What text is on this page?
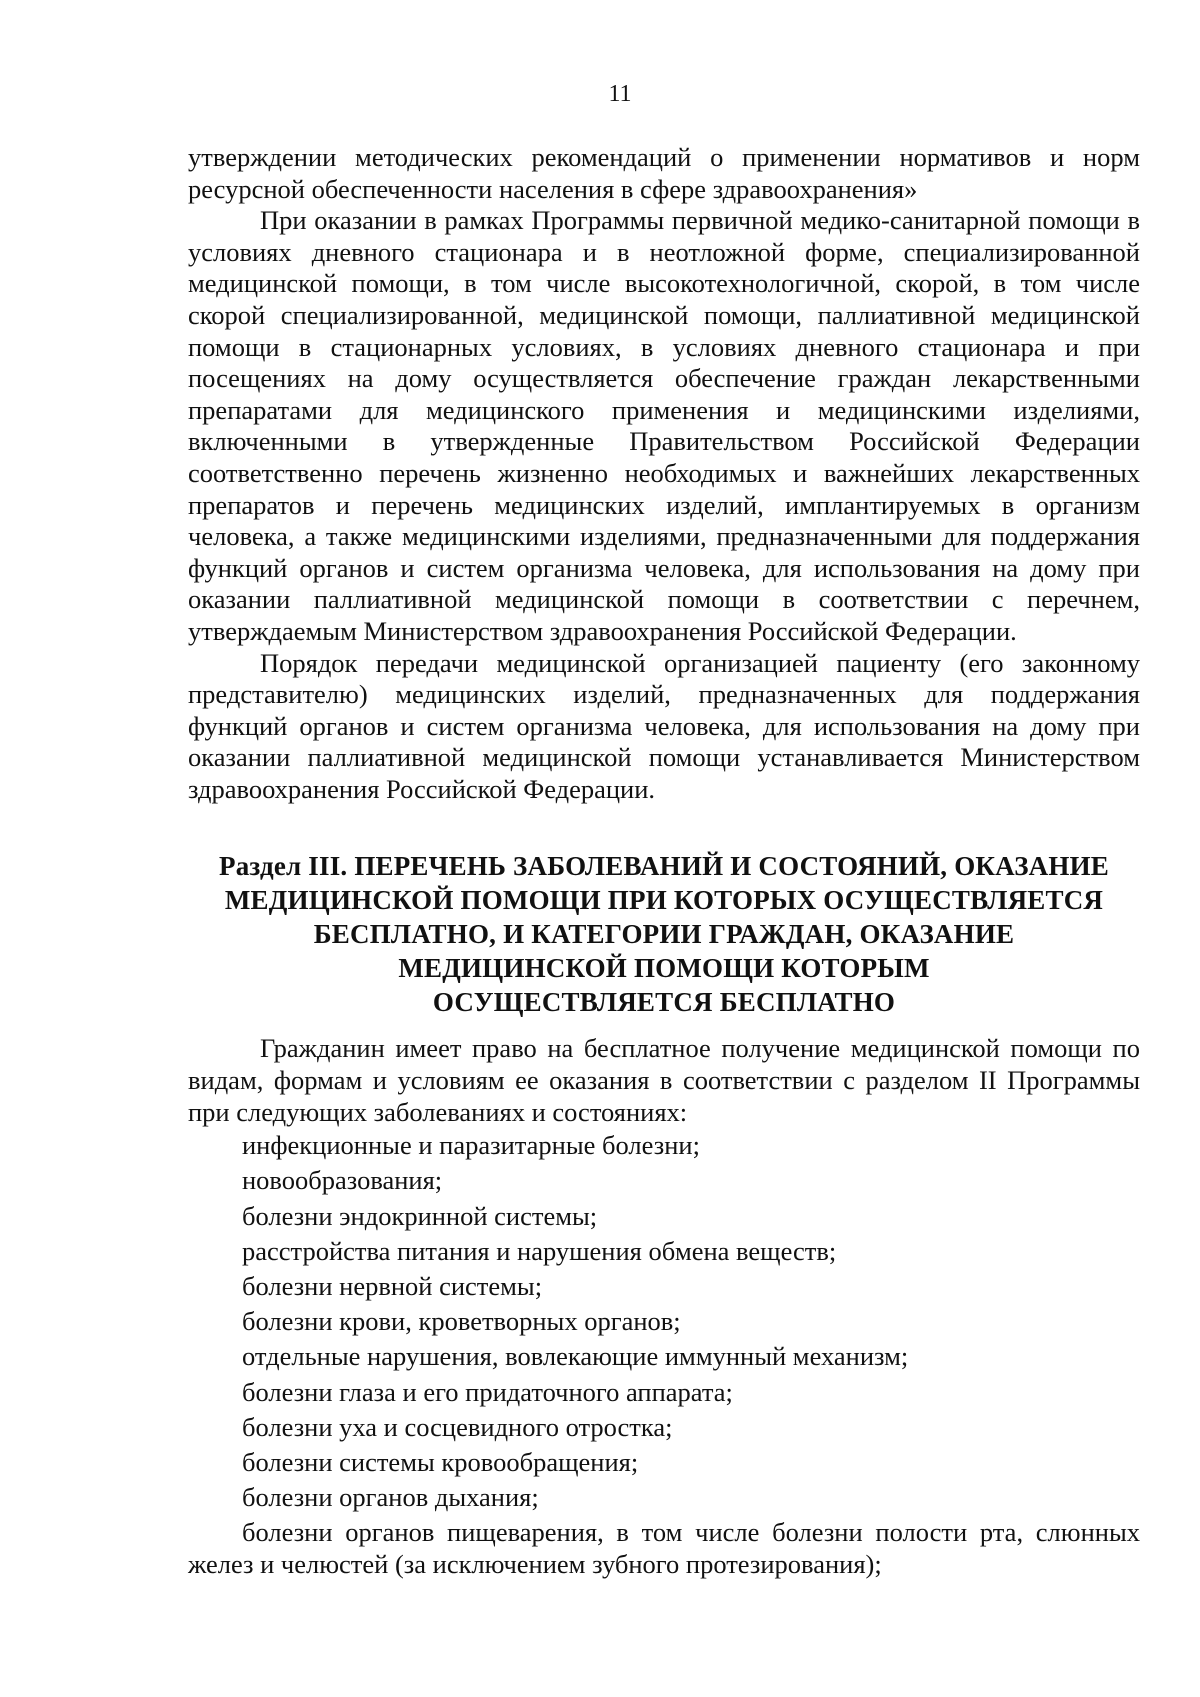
11

утверждении методических рекомендаций о применении нормативов и норм ресурсной обеспеченности населения в сфере здравоохранения»

При оказании в рамках Программы первичной медико-санитарной помощи в условиях дневного стационара и в неотложной форме, специализированной медицинской помощи, в том числе высокотехнологичной, скорой, в том числе скорой специализированной, медицинской помощи, паллиативной медицинской помощи в стационарных условиях, в условиях дневного стационара и при посещениях на дому осуществляется обеспечение граждан лекарственными препаратами для медицинского применения и медицинскими изделиями, включенными в утвержденные Правительством Российской Федерации соответственно перечень жизненно необходимых и важнейших лекарственных препаратов и перечень медицинских изделий, имплантируемых в организм человека, а также медицинскими изделиями, предназначенными для поддержания функций органов и систем организма человека, для использования на дому при оказании паллиативной медицинской помощи в соответствии с перечнем, утверждаемым Министерством здравоохранения Российской Федерации.

Порядок передачи медицинской организацией пациенту (его законному представителю) медицинских изделий, предназначенных для поддержания функций органов и систем организма человека, для использования на дому при оказании паллиативной медицинской помощи устанавливается Министерством здравоохранения Российской Федерации.

Раздел III. ПЕРЕЧЕНЬ ЗАБОЛЕВАНИЙ И СОСТОЯНИЙ, ОКАЗАНИЕ
МЕДИЦИНСКОЙ ПОМОЩИ ПРИ КОТОРЫХ ОСУЩЕСТВЛЯЕТСЯ
БЕСПЛАТНО, И КАТЕГОРИИ ГРАЖДАН, ОКАЗАНИЕ
МЕДИЦИНСКОЙ ПОМОЩИ КОТОРЫМ
ОСУЩЕСТВЛЯЕТСЯ БЕСПЛАТНО

Гражданин имеет право на бесплатное получение медицинской помощи по видам, формам и условиям ее оказания в соответствии с разделом II Программы при следующих заболеваниях и состояниях:

инфекционные и паразитарные болезни;
новообразования;
болезни эндокринной системы;
расстройства питания и нарушения обмена веществ;
болезни нервной системы;
болезни крови, кроветворных органов;
отдельные нарушения, вовлекающие иммунный механизм;
болезни глаза и его придаточного аппарата;
болезни уха и сосцевидного отростка;
болезни системы кровообращения;
болезни органов дыхания;
болезни органов пищеварения, в том числе болезни полости рта, слюнных желез и челюстей (за исключением зубного протезирования);
